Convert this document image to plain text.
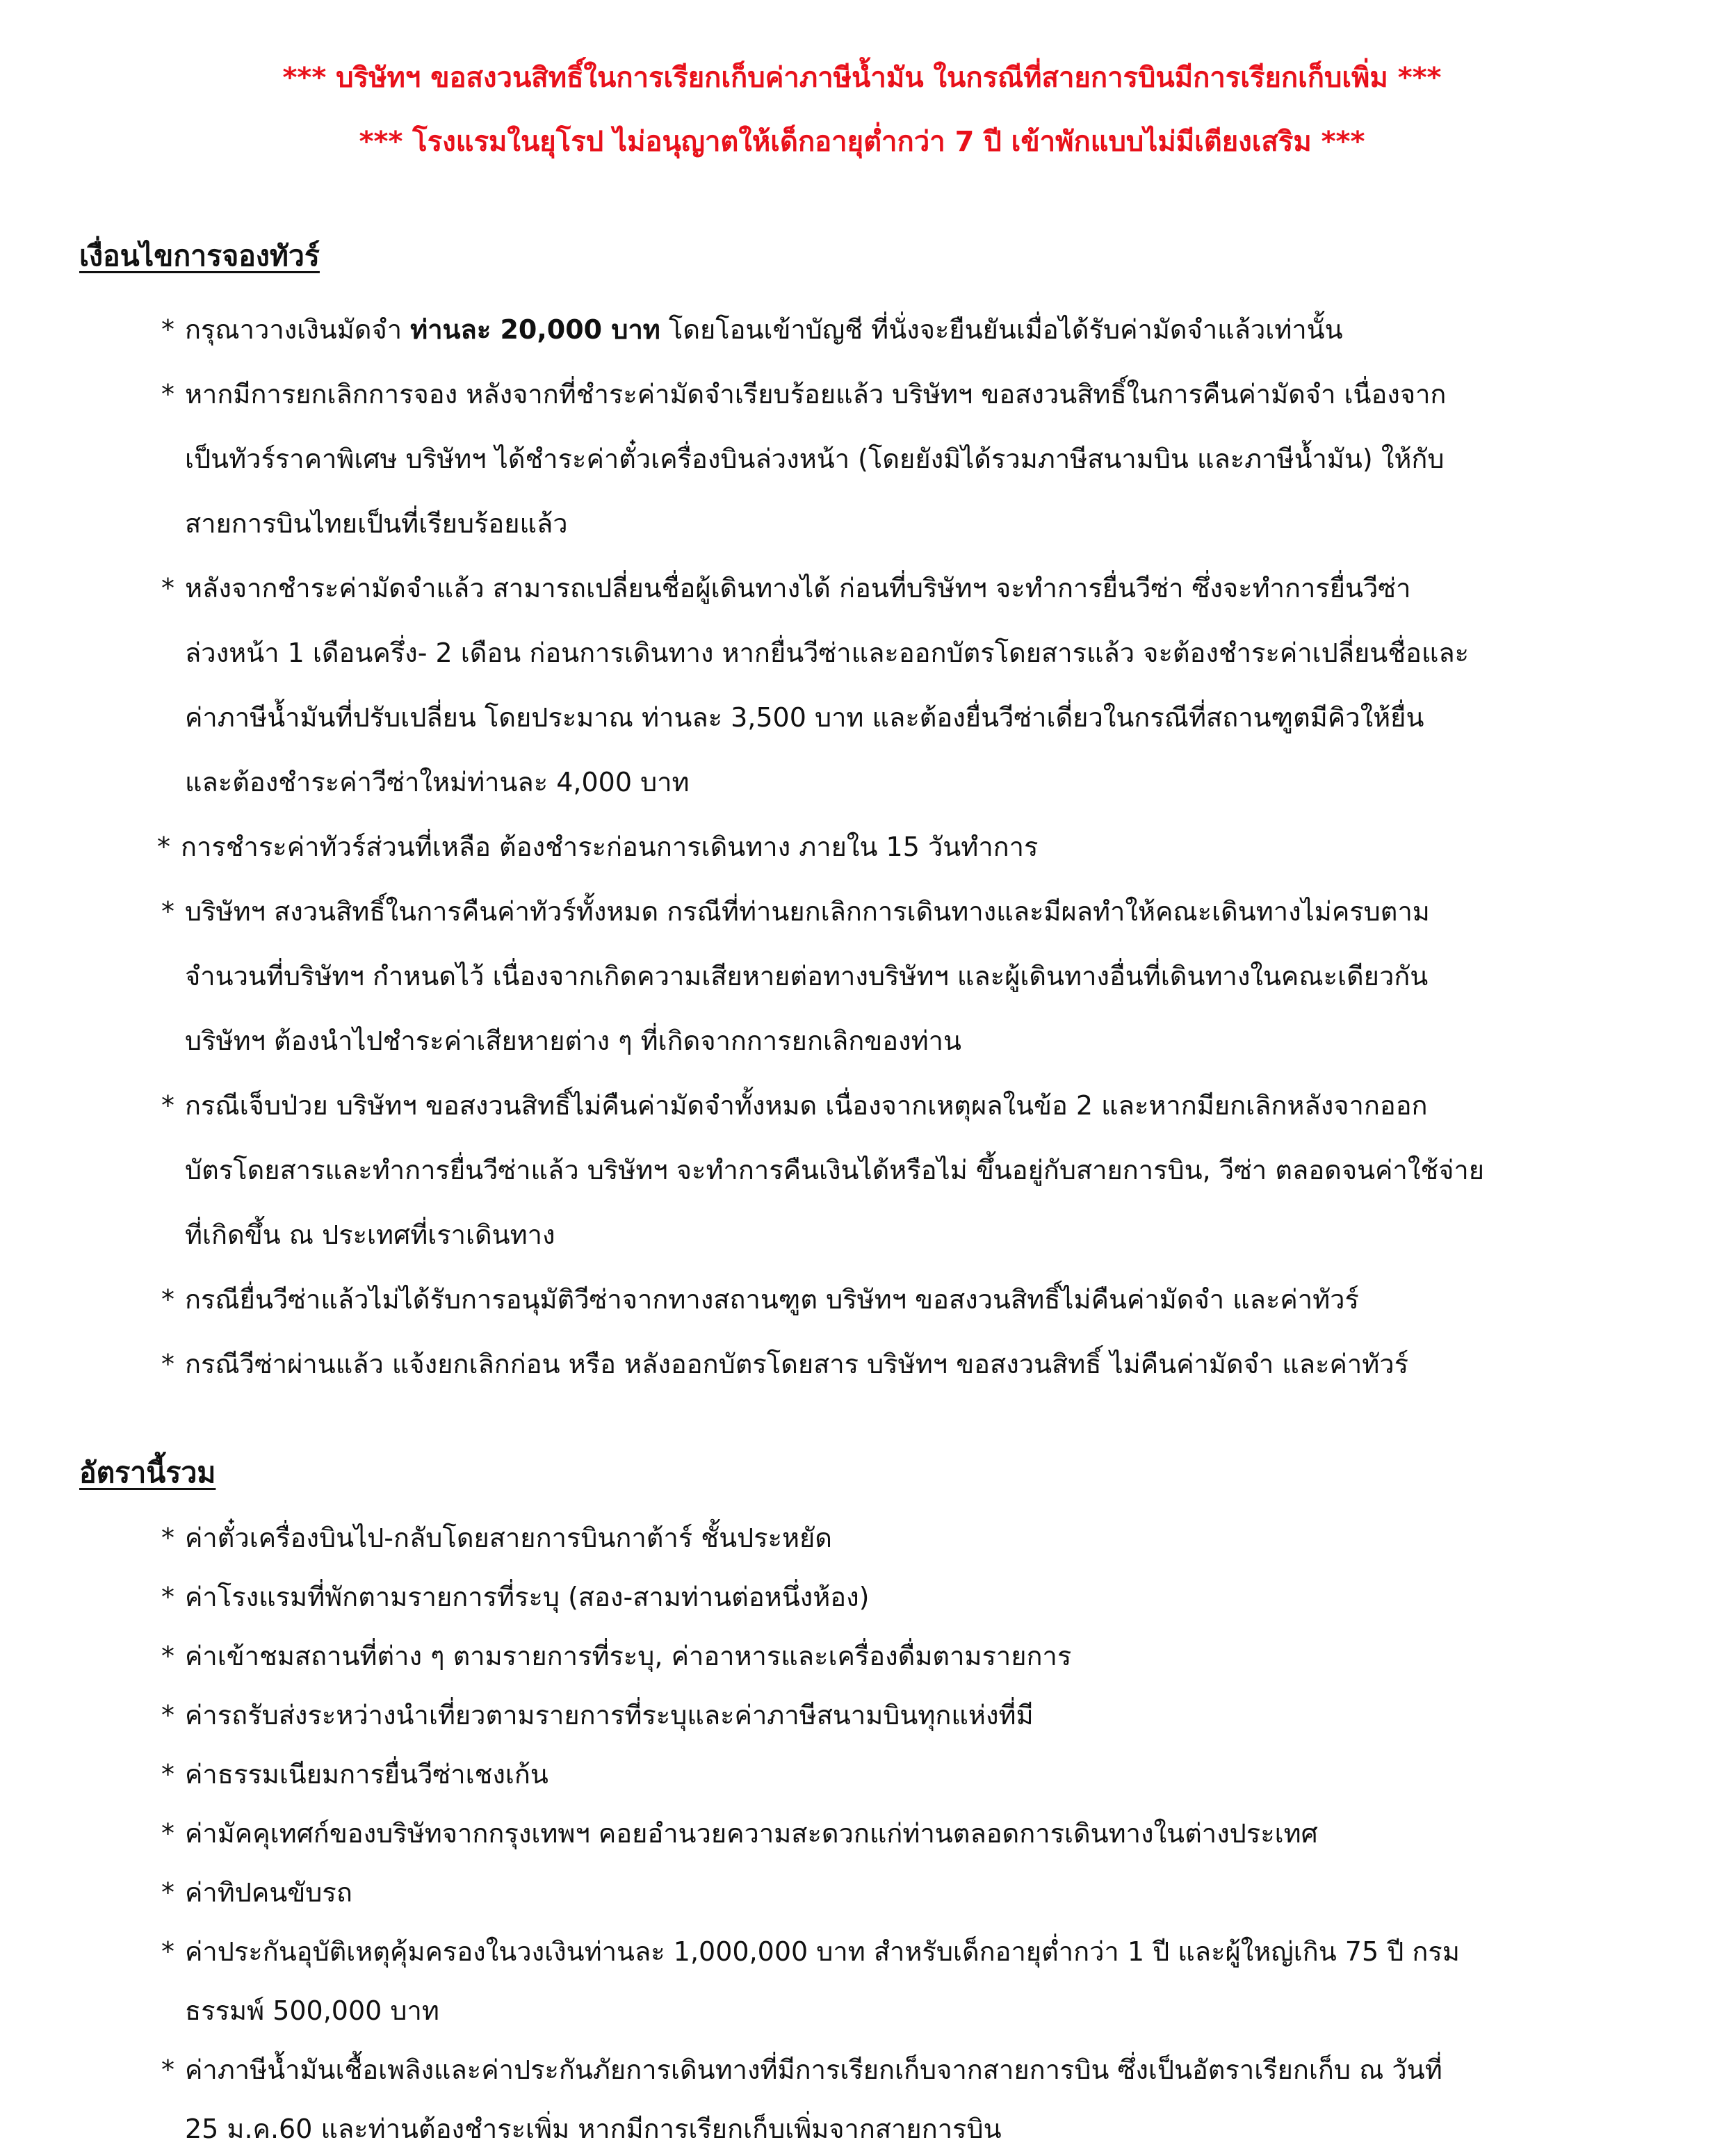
*** บริษัทฯ ขอสงวนสิทธิ์ในการเรียกเก็บค่าภาษีน้ำมัน ในกรณีที่สายการบินมีการเรียกเก็บเพิ่ม ***
*** โรงแรมในยุโรป ไม่อนุญาตให้เด็กอายุต่ำกว่า 7 ปี เข้าพักแบบไม่มีเตียงเสริม ***
เงื่อนไขการจองทัวร์
* กรุณาวางเงินมัดจำ ท่านละ 20,000 บาท โดยโอนเข้าบัญชี ที่นั่งจะยืนยันเมื่อได้รับค่ามัดจำแล้วเท่านั้น
* หากมีการยกเลิกการจอง หลังจากที่ชำระค่ามัดจำเรียบร้อยแล้ว บริษัทฯ ขอสงวนสิทธิ์ในการคืนค่ามัดจำ เนื่องจาก
เป็นทัวร์ราคาพิเศษ บริษัทฯ ได้ชำระค่าตั๋วเครื่องบินล่วงหน้า (โดยยังมิได้รวมภาษีสนามบิน และภาษีน้ำมัน) ให้กับ
สายการบินไทยเป็นที่เรียบร้อยแล้ว
* หลังจากชำระค่ามัดจำแล้ว สามารถเปลี่ยนชื่อผู้เดินทางได้ ก่อนที่บริษัทฯ จะทำการยื่นวีซ่า ซึ่งจะทำการยื่นวีซ่า
ล่วงหน้า 1 เดือนครึ่ง- 2 เดือน ก่อนการเดินทาง หากยื่นวีซ่าและออกบัตรโดยสารแล้ว จะต้องชำระค่าเปลี่ยนชื่อและ
ค่าภาษีน้ำมันที่ปรับเปลี่ยน โดยประมาณ ท่านละ 3,500 บาท และต้องยื่นวีซ่าเดี่ยวในกรณีที่สถานฑูตมีคิวให้ยื่น
และต้องชำระค่าวีซ่าใหม่ท่านละ 4,000 บาท
* การชำระค่าทัวร์ส่วนที่เหลือ ต้องชำระก่อนการเดินทาง ภายใน 15 วันทำการ
* บริษัทฯ สงวนสิทธิ์ในการคืนค่าทัวร์ทั้งหมด กรณีที่ท่านยกเลิกการเดินทางและมีผลทำให้คณะเดินทางไม่ครบตาม
จำนวนที่บริษัทฯ กำหนดไว้ เนื่องจากเกิดความเสียหายต่อทางบริษัทฯ และผู้เดินทางอื่นที่เดินทางในคณะเดียวกัน
บริษัทฯ ต้องนำไปชำระค่าเสียหายต่าง ๆ ที่เกิดจากการยกเลิกของท่าน
* กรณีเจ็บป่วย บริษัทฯ ขอสงวนสิทธิ์ไม่คืนค่ามัดจำทั้งหมด เนื่องจากเหตุผลในข้อ 2 และหากมียกเลิกหลังจากออก
บัตรโดยสารและทำการยื่นวีซ่าแล้ว บริษัทฯ จะทำการคืนเงินได้หรือไม่ ขึ้นอยู่กับสายการบิน, วีซ่า ตลอดจนค่าใช้จ่าย
ที่เกิดขึ้น ณ ประเทศที่เราเดินทาง
* กรณียื่นวีซ่าแล้วไม่ได้รับการอนุมัติวีซ่าจากทางสถานฑูต บริษัทฯ ขอสงวนสิทธิ์ไม่คืนค่ามัดจำ และค่าทัวร์
* กรณีวีซ่าผ่านแล้ว แจ้งยกเลิกก่อน หรือ หลังออกบัตรโดยสาร บริษัทฯ ขอสงวนสิทธิ์ ไม่คืนค่ามัดจำ และค่าทัวร์
อัตรานี้รวม
* ค่าตั๋วเครื่องบินไป-กลับโดยสายการบินกาต้าร์ ชั้นประหยัด
* ค่าโรงแรมที่พักตามรายการที่ระบุ (สอง-สามท่านต่อหนึ่งห้อง)
* ค่าเข้าชมสถานที่ต่าง ๆ ตามรายการที่ระบุ, ค่าอาหารและเครื่องดื่มตามรายการ
* ค่ารถรับส่งระหว่างนำเที่ยวตามรายการที่ระบุและค่าภาษีสนามบินทุกแห่งที่มี
* ค่าธรรมเนียมการยื่นวีซ่าเชงเก้น
* ค่ามัคคุเทศก์ของบริษัทจากกรุงเทพฯ คอยอำนวยความสะดวกแก่ท่านตลอดการเดินทางในต่างประเทศ
* ค่าทิปคนขับรถ
* ค่าประกันอุบัติเหตุคุ้มครองในวงเงินท่านละ 1,000,000 บาท สำหรับเด็กอายุต่ำกว่า 1 ปี และผู้ใหญ่เกิน 75 ปี กรม
ธรรมพ์ 500,000 บาท
* ค่าภาษีน้ำมันเชื้อเพลิงและค่าประกันภัยการเดินทางที่มีการเรียกเก็บจากสายการบิน ซึ่งเป็นอัตราเรียกเก็บ ณ วันที่
25 ม.ค.60 และท่านต้องชำระเพิ่ม หากมีการเรียกเก็บเพิ่มจากสายการบิน
